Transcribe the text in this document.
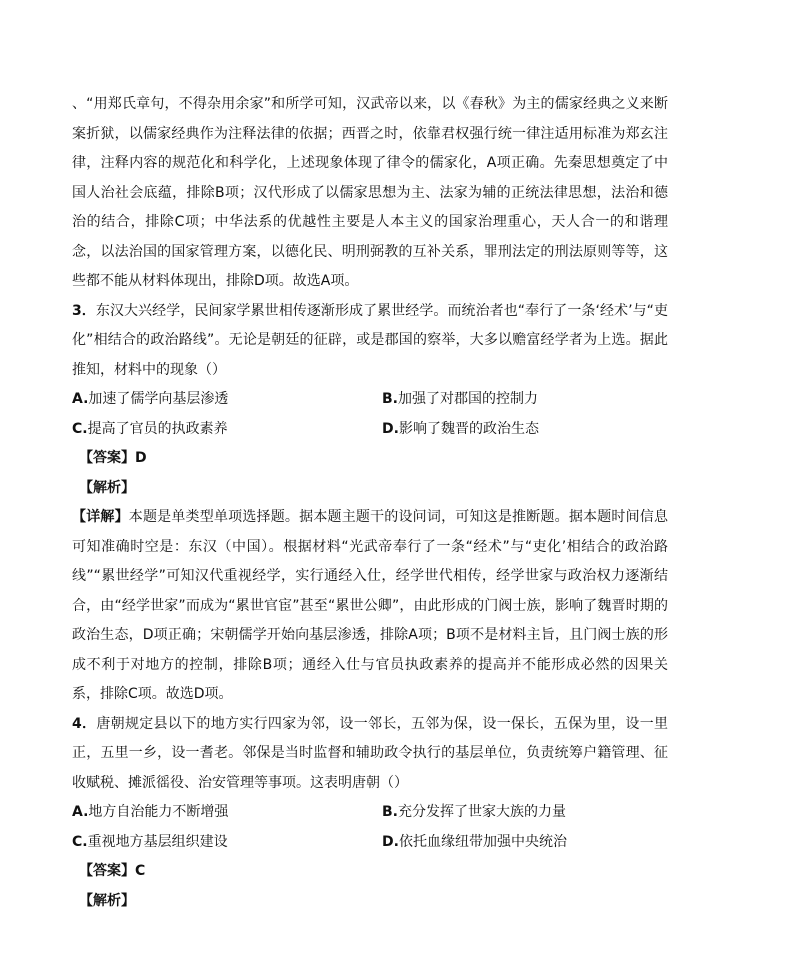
、“用郑氏章句，不得杂用余家”和所学可知，汉武帝以来，以《春秋》为主的儒家经典之义来断案折狱，以儒家经典作为注释法律的依据；西晋之时，依靠君权强行统一律注适用标准为郑玄注律，注释内容的规范化和科学化，上述现象体现了律令的儒家化，A项正确。先秦思想奠定了中国人治社会底蕴，排除B项；汉代形成了以儒家思想为主、法家为辅的正统法律思想，法治和德治的结合，排除C项；中华法系的优越性主要是人本主义的国家治理重心，天人合一的和谐理念，以法治国的国家管理方案，以德化民、明刑弼教的互补关系，罪刑法定的刑法原则等等，这些都不能从材料体现出，排除D项。故选A项。

3．东汉大兴经学，民间家学累世相传逐渐形成了累世经学。而统治者也“奉行了一条‘经术’与“吏化”相结合的政治路线”。无论是朝廷的征辟，或是郡国的察举，大多以赡富经学者为上选。据此推知，材料中的现象（）

A.加速了儒学向基层渗透	B.加强了对郡国的控制力
C.提高了官员的执政素养	D.影响了魏晋的政治生态

【答案】D

【解析】

【详解】本题是单类型单项选择题。据本题主题干的设问词，可知这是推断题。据本题时间信息可知准确时空是：东汉（中国）。根据材料“光武帝奉行了一条“经术”与“吏化’相结合的政治路线”“累世经学”可知汉代重视经学，实行通经入仕，经学世代相传，经学世家与政治权力逐渐结合，由“经学世家”而成为“累世官宦”甚至“累世公卿”，由此形成的门阀士族，影响了魏晋时期的政治生态，D项正确；宋朝儒学开始向基层渗透，排除A项；B项不是材料主旨，且门阀士族的形成不利于对地方的控制，排除B项；通经入仕与官员执政素养的提高并不能形成必然的因果关系，排除C项。故选D项。

4．唐朝规定县以下的地方实行四家为邻，设一邻长，五邻为保，设一保长，五保为里，设一里正，五里一乡，设一耆老。邻保是当时监督和辅助政令执行的基层单位，负责统筹户籍管理、征收赋税、摊派徭役、治安管理等事项。这表明唐朝（）

A.地方自治能力不断增强	B.充分发挥了世家大族的力量
C.重视地方基层组织建设	D.依托血缘纽带加强中央统治

【答案】C

【解析】
